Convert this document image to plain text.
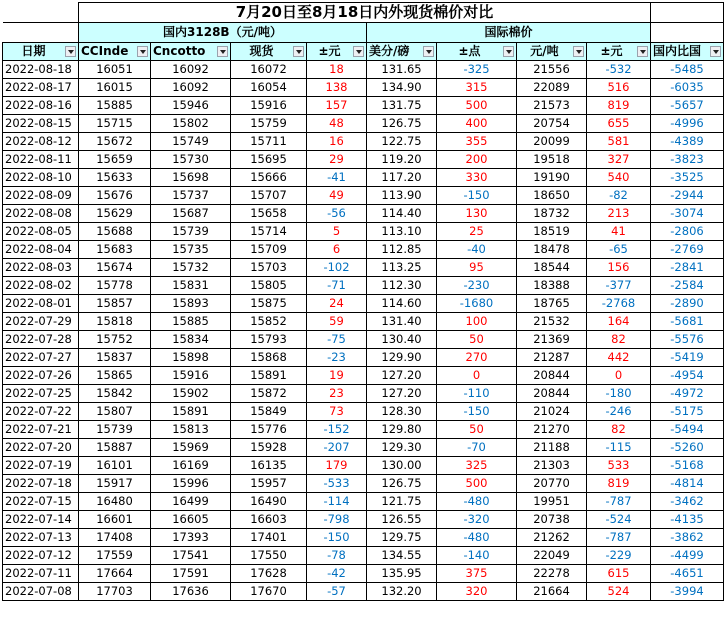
	7月20日至8月18日内外现货棉价对比								
	国内3128B（元/吨）				国际棉价				

日期	CCInde	Cncotto	现货	±元	美分/磅	±点	元/吨	±元	国内比国

2022-08-18	16051	16092	16072	18	131.65	-325	21556	-532	-5485
2022-08-17	16015	16092	16054	138	134.90	315	22089	516	-6035
2022-08-16	15885	15946	15916	157	131.75	500	21573	819	-5657
2022-08-15	15715	15802	15759	48	126.75	400	20754	655	-4996
2022-08-12	15672	15749	15711	16	122.75	355	20099	581	-4389
2022-08-11	15659	15730	15695	29	119.20	200	19518	327	-3823
2022-08-10	15633	15698	15666	-41	117.20	330	19190	540	-3525
2022-08-09	15676	15737	15707	49	113.90	-150	18650	-82	-2944
2022-08-08	15629	15687	15658	-56	114.40	130	18732	213	-3074
2022-08-05	15688	15739	15714	5	113.10	25	18519	41	-2806
2022-08-04	15683	15735	15709	6	112.85	-40	18478	-65	-2769
2022-08-03	15674	15732	15703	-102	113.25	95	18544	156	-2841
2022-08-02	15778	15831	15805	-71	112.30	-230	18388	-377	-2584
2022-08-01	15857	15893	15875	24	114.60	-1680	18765	-2768	-2890
2022-07-29	15818	15885	15852	59	131.40	100	21532	164	-5681
2022-07-28	15752	15834	15793	-75	130.40	50	21369	82	-5576
2022-07-27	15837	15898	15868	-23	129.90	270	21287	442	-5419
2022-07-26	15865	15916	15891	19	127.20	0	20844	0	-4954
2022-07-25	15842	15902	15872	23	127.20	-110	20844	-180	-4972
2022-07-22	15807	15891	15849	73	128.30	-150	21024	-246	-5175
2022-07-21	15739	15813	15776	-152	129.80	50	21270	82	-5494
2022-07-20	15887	15969	15928	-207	129.30	-70	21188	-115	-5260
2022-07-19	16101	16169	16135	179	130.00	325	21303	533	-5168
2022-07-18	15917	15996	15957	-533	126.75	500	20770	819	-4814
2022-07-15	16480	16499	16490	-114	121.75	-480	19951	-787	-3462
2022-07-14	16601	16605	16603	-798	126.55	-320	20738	-524	-4135
2022-07-13	17408	17393	17401	-150	129.75	-480	21262	-787	-3862
2022-07-12	17559	17541	17550	-78	134.55	-140	22049	-229	-4499
2022-07-11	17664	17591	17628	-42	135.95	375	22278	615	-4651
2022-07-08	17703	17636	17670	-57	132.20	320	21664	524	-3994
